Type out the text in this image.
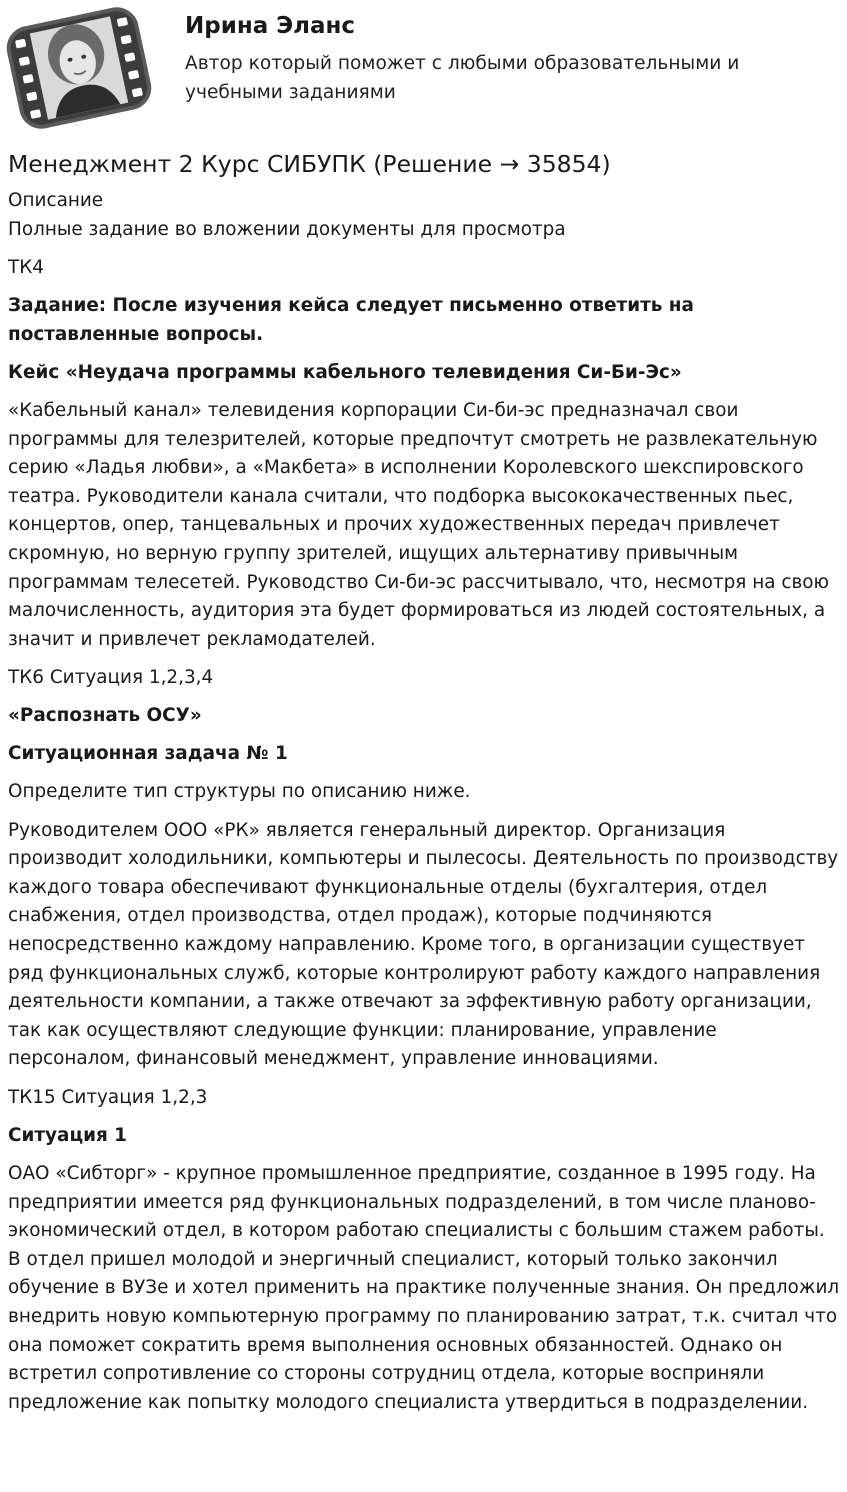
Ирина Эланс
Автор который поможет с любыми образовательными и учебными заданиями
Менеджмент 2 Курс СИБУПК (Решение → 35854)

Описание

Полные задание во вложении документы для просмотра

ТК4

Задание: После изучения кейса следует письменно ответить на поставленные вопросы.

Кейс «Неудача программы кабельного телевидения Си-Би-Эс»

«Кабельный канал» телевидения корпорации Си-би-эс предназначал свои программы для телезрителей, которые предпочтут смотреть не развлекательную серию «Ладья любви», а «Макбета» в исполнении Королевского шекспировского театра. Руководители канала считали, что подборка высококачественных пьес, концертов, опер, танцевальных и прочих художественных передач привлечет скромную, но верную группу зрителей, ищущих альтернативу привычным программам телесетей. Руководство Си-би-эс рассчитывало, что, несмотря на свою малочисленность, аудитория эта будет формироваться из людей состоятельных, а значит и привлечет рекламодателей.

ТК6 Ситуация 1,2,3,4

«Распознать ОСУ»

Ситуационная задача № 1

Определите тип структуры по описанию ниже.

Руководителем ООО «РК» является генеральный директор. Организация производит холодильники, компьютеры и пылесосы. Деятельность по производству каждого товара обеспечивают функциональные отделы (бухгалтерия, отдел снабжения, отдел производства, отдел продаж), которые подчиняются непосредственно каждому направлению. Кроме того, в организации существует ряд функциональных служб, которые контролируют работу каждого направления деятельности компании, а также отвечают за эффективную работу организации, так как осуществляют следующие функции: планирование, управление персоналом, финансовый менеджмент, управление инновациями.

ТК15 Ситуация 1,2,3

Ситуация 1

ОАО «Сибторг» - крупное промышленное предприятие, созданное в 1995 году. На предприятии имеется ряд функциональных подразделений, в том числе планово-экономический отдел, в котором работаю специалисты с большим стажем работы. В отдел пришел молодой и энергичный специалист, который только закончил обучение в ВУЗе и хотел применить на практике полученные знания. Он предложил внедрить новую компьютерную программу по планированию затрат, т.к. считал что она поможет сократить время выполнения основных обязанностей. Однако он встретил сопротивление со стороны сотрудниц отдела, которые восприняли предложение как попытку молодого специалиста утвердиться в подразделении.
